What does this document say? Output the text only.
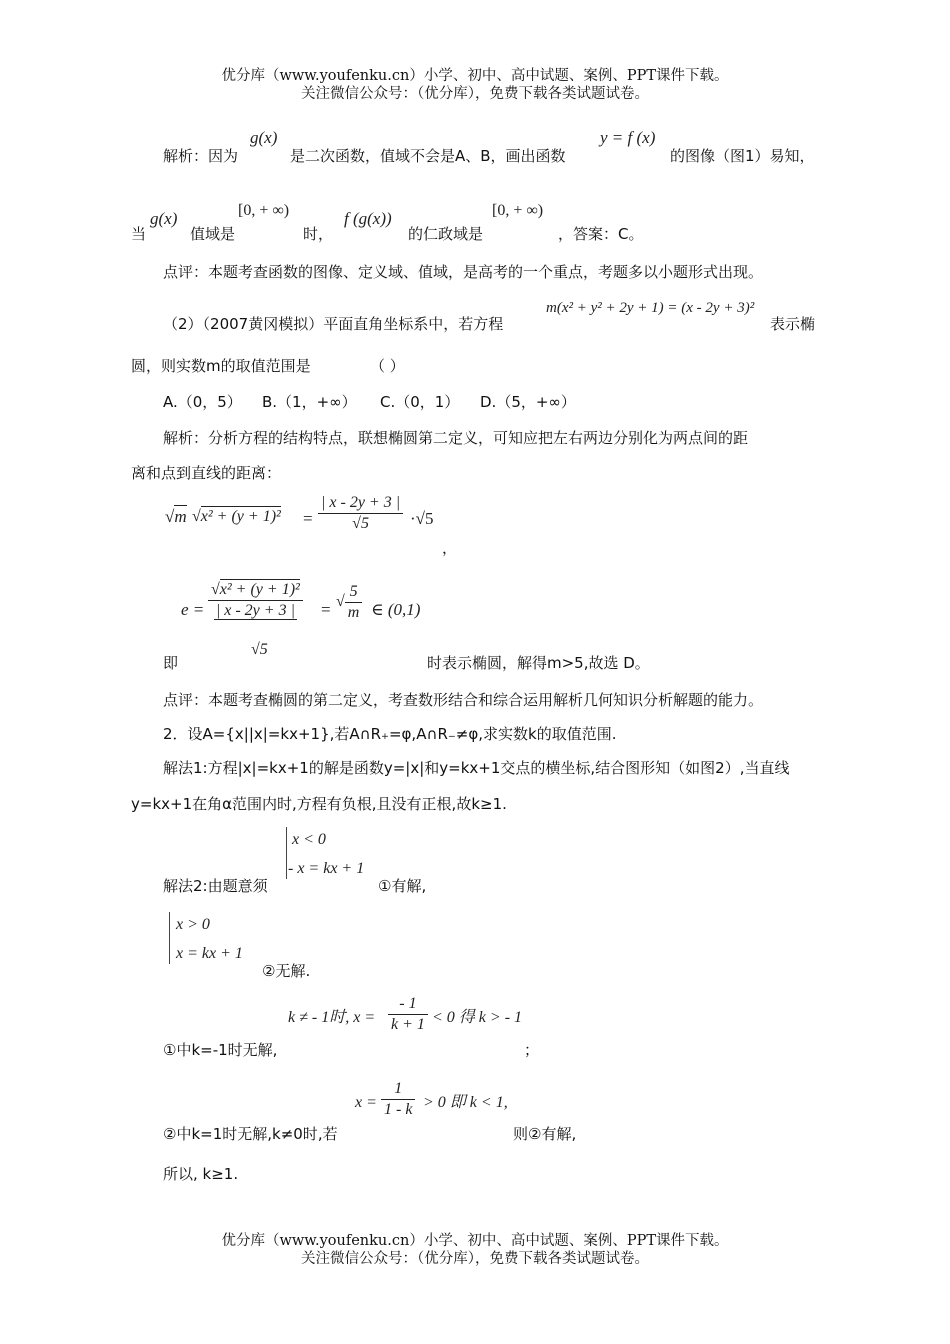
优分库（www.youfenku.cn）小学、初中、高中试题、案例、PPT课件下载。
关注微信公众号：（优分库），免费下载各类试题试卷。
解析：因为
g(x)
是二次函数，值域不会是A、B，画出函数
y = f (x)
的图像（图1）易知，
当
g(x)
值域是
[0, + ∞)
时，
f (g(x))
的仁政域是
[0, + ∞)
，答案：C。
点评：本题考查函数的图像、定义域、值域，是高考的一个重点，考题多以小题形式出现。
（2）（2007黄冈模拟）平面直角坐标系中，若方程
m(x² + y² + 2y + 1) = (x - 2y + 3)²
表示椭
圆，则实数m的取值范围是	（ ）
A.（0，5） B.（1，+∞） C.（0，1） D.（5，+∞）
解析：分析方程的结构特点，联想椭圆第二定义，可知应把左右两边分别化为两点间的距
离和点到直线的距离：
√m $√x^2 + (y + 1)^2 = \frac{| x - 2y + 3 |}{√5} \cdot√5$
，
$e = \frac{\text{√x² + (y + 1)²}}{| x - 2y + 3 |}$
√5
= √ $\frac{5}{m}$ ∈ (0,1)
即	时表示椭圆，解得m>5,故选 D。
点评：本题考查椭圆的第二定义，考查数形结合和综合运用解析几何知识分析解题的能力。
2．设A={x||x|=kx+1},若A∩R₊=φ,A∩R₋≠φ,求实数k的取值范围.
解法1:方程|x|=kx+1的解是函数y=|x|和y=kx+1交点的横坐标,结合图形知（如图2）,当直线
y=kx+1在角α范围内时,方程有负根,且没有正根,故k≥1.
x < 0
- x = kx + 1
解法2:由题意须	①有解,
x > 0
x = kx + 1
②无解.
k ≠ - 1时, $x = \frac{- 1}{k + 1} < 0$ 得 k > - 1
①中k=-1时无解,	；
$x = \frac{1}{1 - k} > 0$ 即 k < 1,
②中k=1时无解,k≠0时,若	则②有解,
所以, k≥1.
优分库（www.youfenku.cn）小学、初中、高中试题、案例、PPT课件下载。
关注微信公众号：（优分库），免费下载各类试题试卷。
